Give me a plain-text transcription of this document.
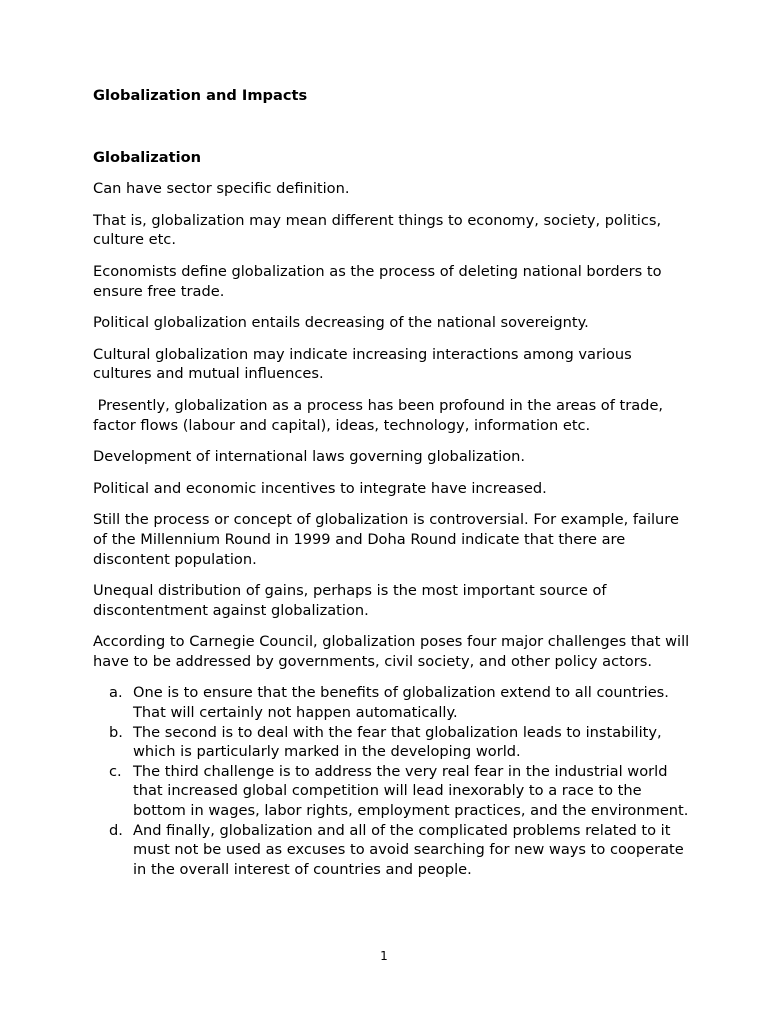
Globalization and Impacts

Globalization

Can have sector specific definition.

That is, globalization may mean different things to economy, society, politics, culture etc.

Economists define globalization as the process of deleting national borders to ensure free trade.

Political globalization entails decreasing of the national sovereignty.

Cultural globalization may indicate increasing interactions among various cultures and mutual influences.

Presently, globalization as a process has been profound in the areas of trade, factor flows (labour and capital), ideas, technology, information etc.

Development of international laws governing globalization.

Political and economic incentives to integrate have increased.

Still the process or concept of globalization is controversial. For example, failure of the Millennium Round in 1999 and Doha Round indicate that there are discontent population.

Unequal distribution of gains, perhaps is the most important source of discontentment against globalization.

According to Carnegie Council, globalization poses four major challenges that will have to be addressed by governments, civil society, and other policy actors.

a. One is to ensure that the benefits of globalization extend to all countries. That will certainly not happen automatically.
b. The second is to deal with the fear that globalization leads to instability, which is particularly marked in the developing world.
c. The third challenge is to address the very real fear in the industrial world that increased global competition will lead inexorably to a race to the bottom in wages, labor rights, employment practices, and the environment.
d. And finally, globalization and all of the complicated problems related to it must not be used as excuses to avoid searching for new ways to cooperate in the overall interest of countries and people.
1
